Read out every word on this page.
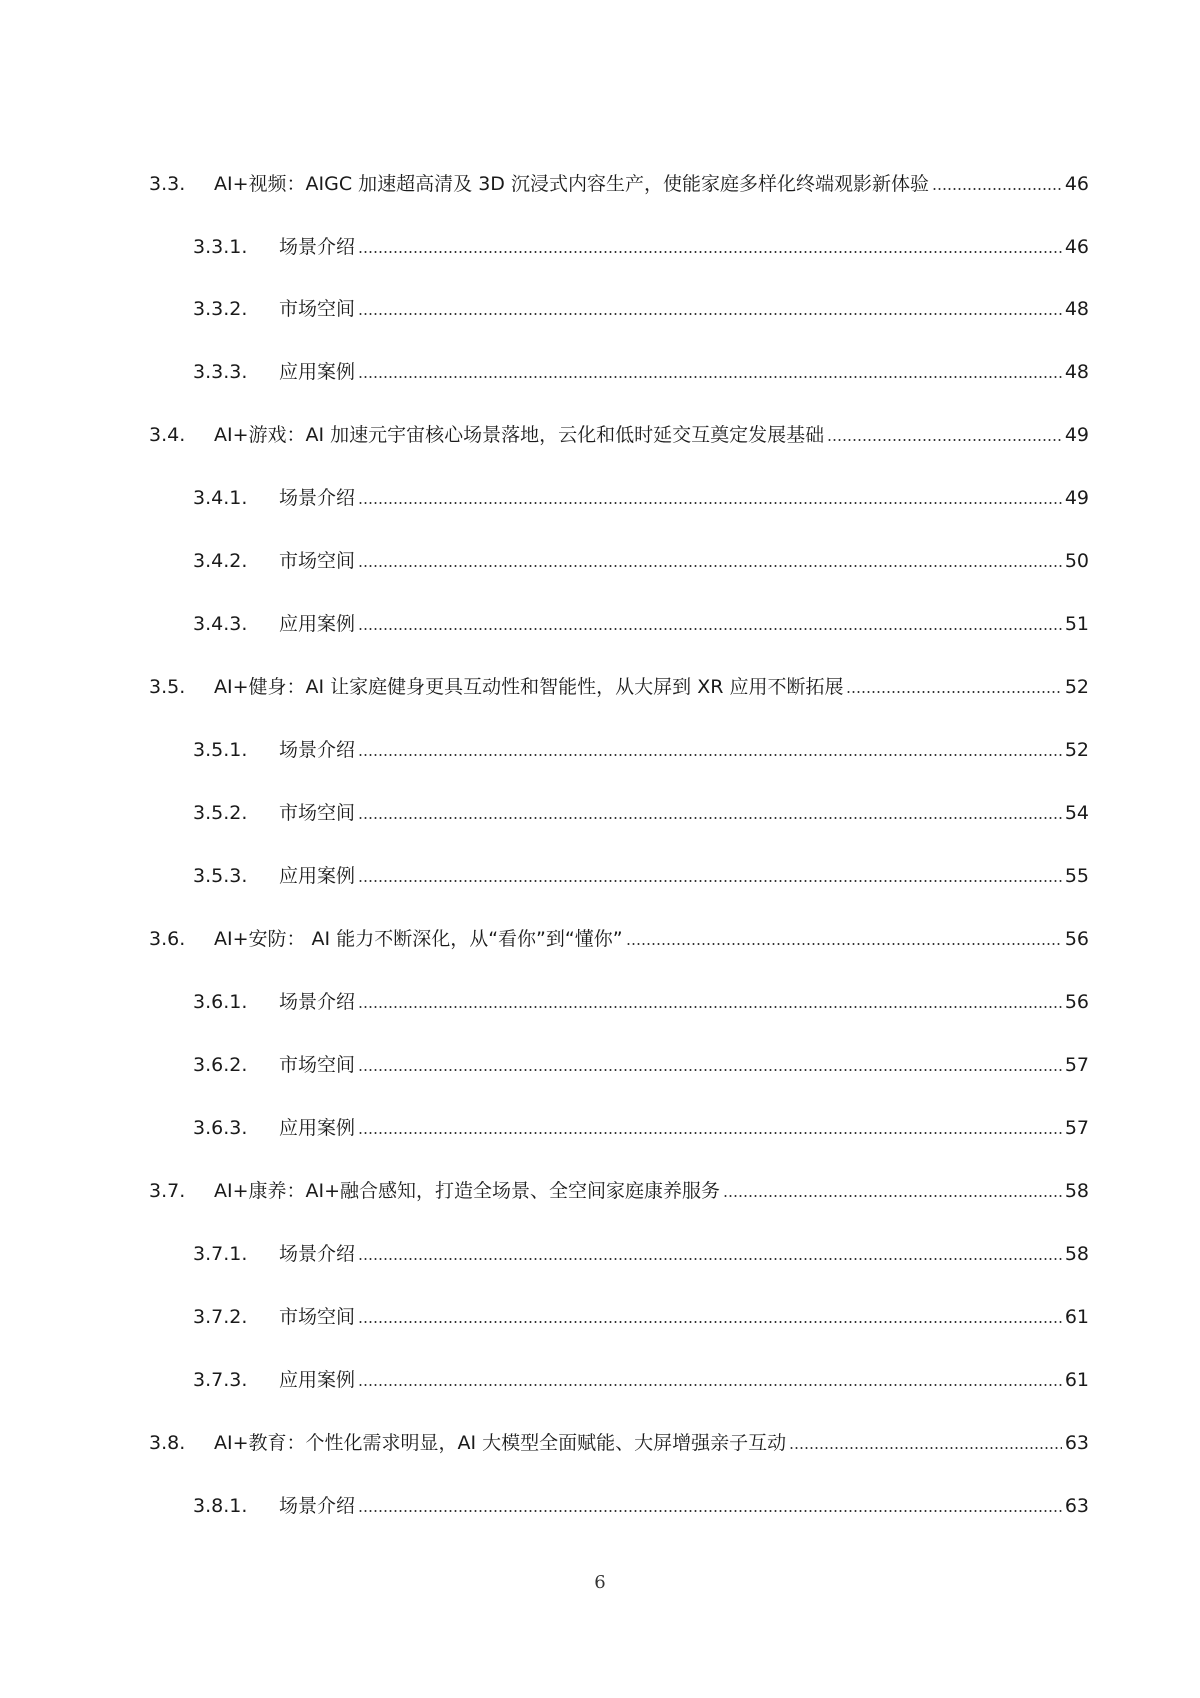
3.3.	AI+视频：AIGC 加速超高清及 3D 沉浸式内容生产，使能家庭多样化终端观影新体验	46
3.3.1.	场景介绍	46
3.3.2.	市场空间	48
3.3.3.	应用案例	48
3.4.	AI+游戏：AI 加速元宇宙核心场景落地，云化和低时延交互奠定发展基础	49
3.4.1.	场景介绍	49
3.4.2.	市场空间	50
3.4.3.	应用案例	51
3.5.	AI+健身：AI 让家庭健身更具互动性和智能性，从大屏到 XR 应用不断拓展	52
3.5.1.	场景介绍	52
3.5.2.	市场空间	54
3.5.3.	应用案例	55
3.6.	AI+安防： AI 能力不断深化，从“看你”到“懂你”	56
3.6.1.	场景介绍	56
3.6.2.	市场空间	57
3.6.3.	应用案例	57
3.7.	AI+康养：AI+融合感知，打造全场景、全空间家庭康养服务	58
3.7.1.	场景介绍	58
3.7.2.	市场空间	61
3.7.3.	应用案例	61
3.8.	AI+教育：个性化需求明显，AI 大模型全面赋能、大屏增强亲子互动	63
3.8.1.	场景介绍	63
6
